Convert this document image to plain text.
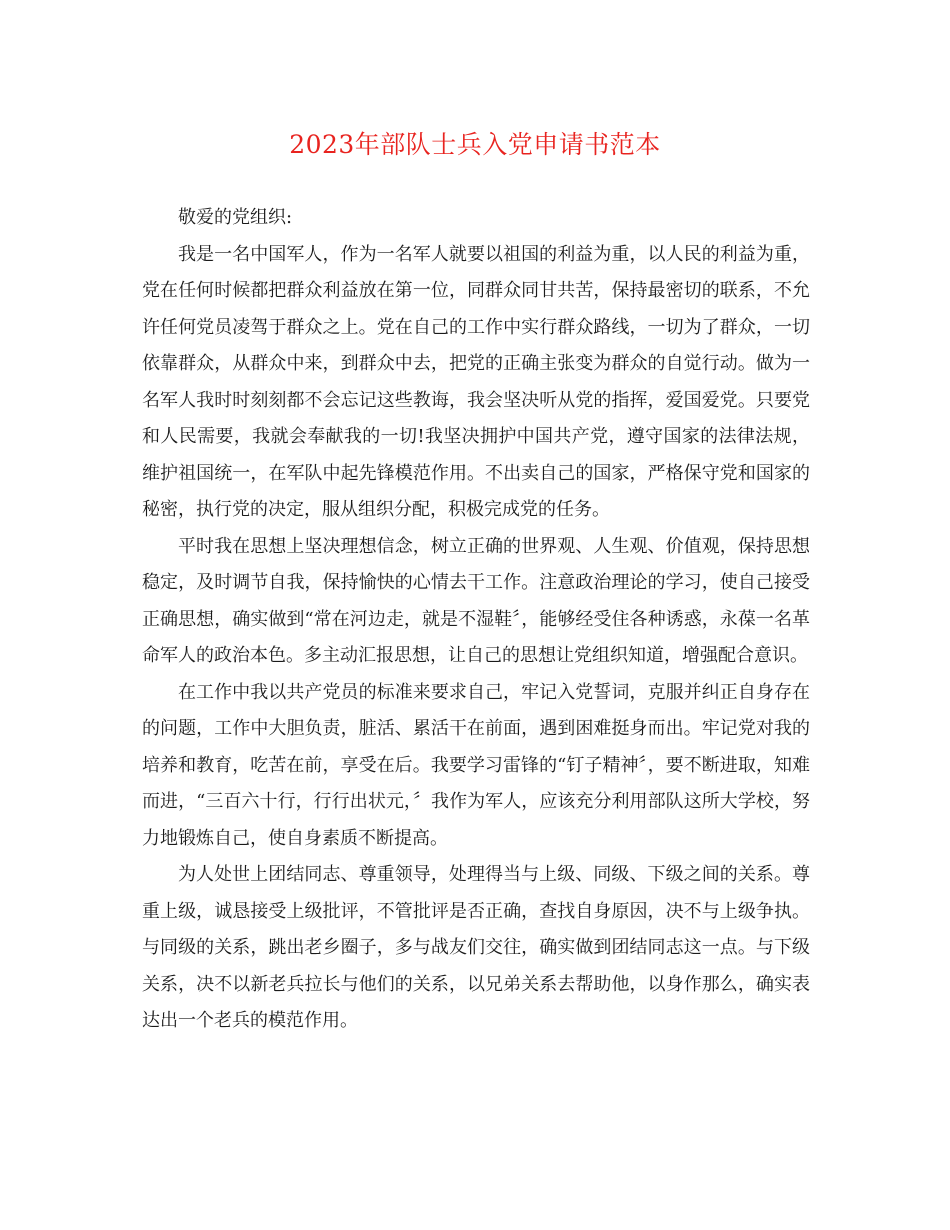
2023年部队士兵入党申请书范本

敬爱的党组织:

我是一名中国军人，作为一名军人就要以祖国的利益为重，以人民的利益为重，党在任何时候都把群众利益放在第一位，同群众同甘共苦，保持最密切的联系，不允许任何党员凌驾于群众之上。党在自己的工作中实行群众路线，一切为了群众，一切依靠群众，从群众中来，到群众中去，把党的正确主张变为群众的自觉行动。做为一名军人我时时刻刻都不会忘记这些教诲，我会坚决听从党的指挥，爱国爱党。只要党和人民需要，我就会奉献我的一切!我坚决拥护中国共产党，遵守国家的法律法规，维护祖国统一，在军队中起先锋模范作用。不出卖自己的国家，严格保守党和国家的秘密，执行党的决定，服从组织分配，积极完成党的任务。

平时我在思想上坚决理想信念，树立正确的世界观、人生观、价值观，保持思想稳定，及时调节自我，保持愉快的心情去干工作。注意政治理论的学习，使自己接受正确思想，确实做到“常在河边走，就是不湿鞋〞，能够经受住各种诱惑，永葆一名革命军人的政治本色。多主动汇报思想，让自己的思想让党组织知道，增强配合意识。

在工作中我以共产党员的标准来要求自己，牢记入党誓词，克服并纠正自身存在的问题，工作中大胆负责，脏活、累活干在前面，遇到困难挺身而出。牢记党对我的培养和教育，吃苦在前，享受在后。我要学习雷锋的“钉子精神〞，要不断进取，知难而进，“三百六十行，行行出状元，〞我作为军人，应该充分利用部队这所大学校，努力地锻炼自己，使自身素质不断提高。

为人处世上团结同志、尊重领导，处理得当与上级、同级、下级之间的关系。尊重上级，诚恳接受上级批评，不管批评是否正确，查找自身原因，决不与上级争执。与同级的关系，跳出老乡圈子，多与战友们交往，确实做到团结同志这一点。与下级关系，决不以新老兵拉长与他们的关系，以兄弟关系去帮助他，以身作那么，确实表达出一个老兵的模范作用。
